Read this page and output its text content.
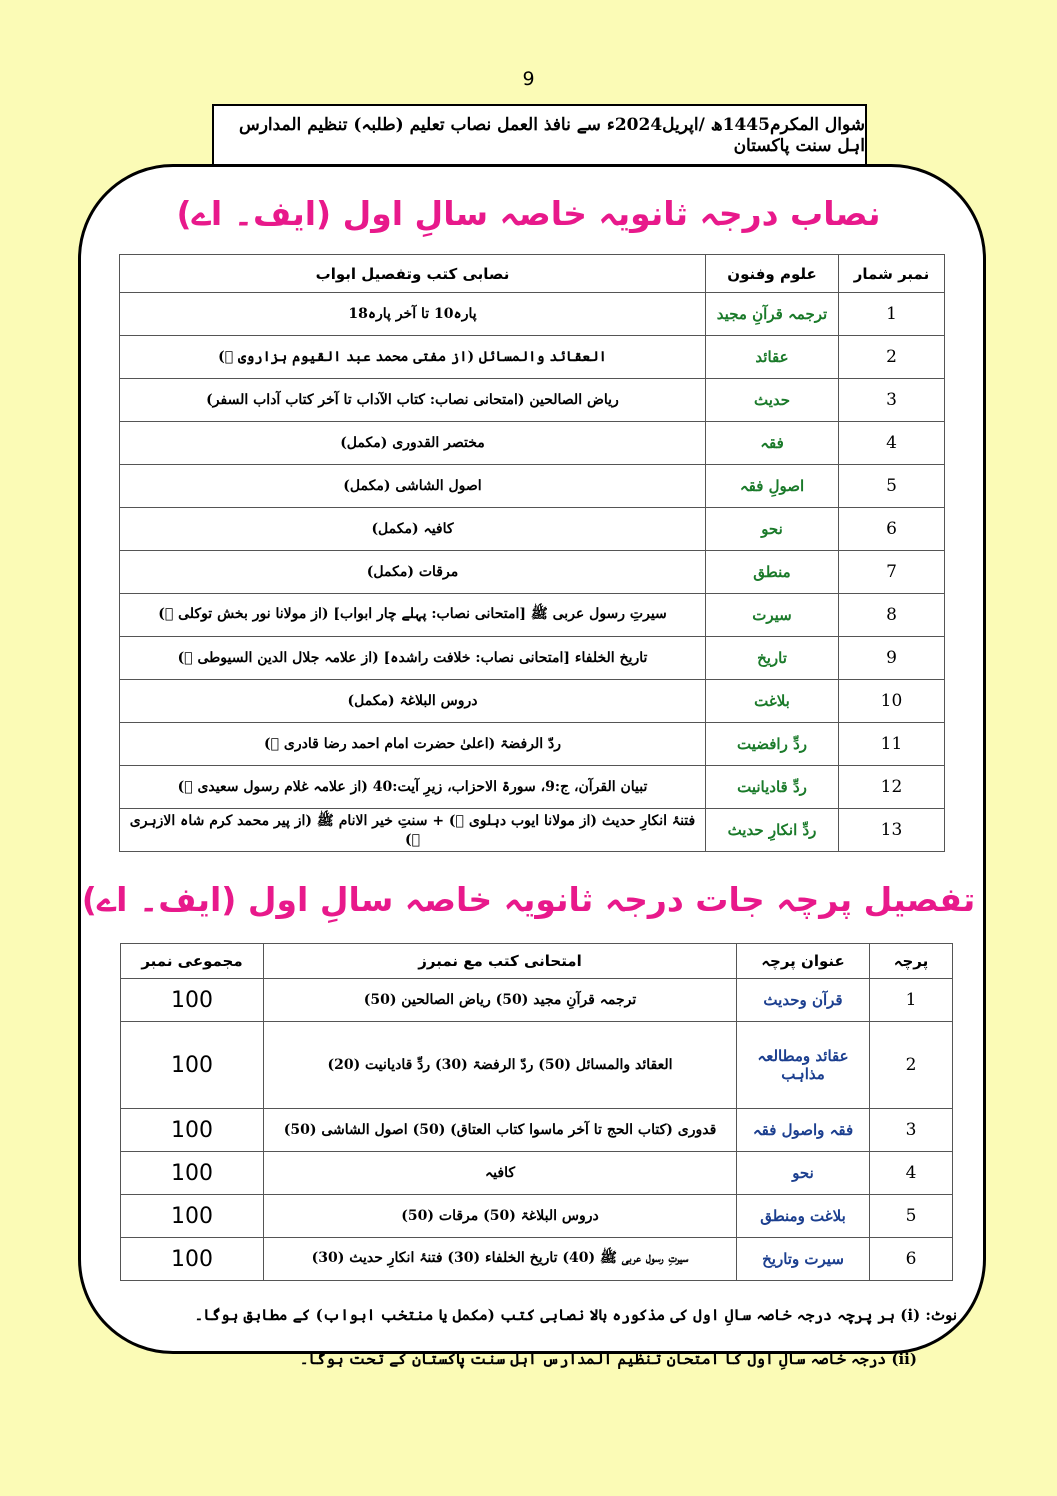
9
شوال المکرم1445ھ /اپریل2024ء سے نافذ العمل نصاب تعلیم (طلبہ) تنظیم المدارس اہل سنت پاکستان
نصاب درجہ ثانویہ خاصہ سالِ اول (ایف۔ اے)
نمبر شمار	علوم وفنون	نصابی کتب وتفصیل ابواب
1	ترجمہ قرآنِ مجید	پارہ10 تا آخر پارہ18
2	عقائد	العقائد والمسائل (از مفتی محمد عبد القیوم ہزاروی ﷫)
3	حدیث	ریاض الصالحین (امتحانی نصاب: کتاب الآداب تا آخر کتاب آداب السفر)
4	فقہ	مختصر القدوری (مکمل)
5	اصولِ فقہ	اصول الشاشی (مکمل)
6	نحو	کافیہ (مکمل)
7	منطق	مرقات (مکمل)
8	سیرت	سیرتِ رسول عربی ﷺ [امتحانی نصاب: پہلے چار ابواب] (از مولانا نور بخش توکلی ﷫)
9	تاریخ	تاریخ الخلفاء [امتحانی نصاب: خلافت راشدہ] (از علامہ جلال الدین السیوطی ﷫)
10	بلاغت	دروس البلاغۃ (مکمل)
11	ردِّ رافضیت	ردّ الرفضۃ (اعلیٰ حضرت امام احمد رضا قادری ﷫)
12	ردِّ قادیانیت	تبیان القرآن، ج:9، سورۃ الاحزاب، زیرِ آیت:40 (از علامہ غلام رسول سعیدی ﷫)
13	ردِّ انکارِ حدیث	فتنۂ انکارِ حدیث (از مولانا ایوب دہلوی ﷫) + سنتِ خیر الانام ﷺ (از پیر محمد کرم شاہ الازہری ﷫)
تفصیل پرچہ جات درجہ ثانویہ خاصہ سالِ اول (ایف۔ اے)
پرچہ	عنوان پرچہ	امتحانی کتب مع نمبرز	مجموعی نمبر
1	قرآن وحدیث	ترجمہ قرآنِ مجید (50) ریاض الصالحین (50)	100
2	عقائد ومطالعہ مذاہب	العقائد والمسائل (50) ردّ الرفضۃ (30) ردِّ قادیانیت (20)	100
3	فقہ واصول فقہ	قدوری (کتاب الحج تا آخر ماسوا کتاب العتاق) (50) اصول الشاشی (50)	100
4	نحو	کافیہ	100
5	بلاغت ومنطق	دروس البلاغۃ (50) مرقات (50)	100
6	سیرت وتاریخ	سیرتِ رسول عربی ﷺ (40) تاریخ الخلفاء (30) فتنۂ انکارِ حدیث (30)	100
نوٹ: (i) ہر پرچہ درجہ خاصہ سالِ اول کی مذکورہ بالا نصابی کتب (مکمل یا منتخب ابواب) کے مطابق ہوگا۔
(ii) درجہ خاصہ سالِ اول کا امتحان تنظیم المدارس اہل سنت پاکستان کے تحت ہوگا۔
